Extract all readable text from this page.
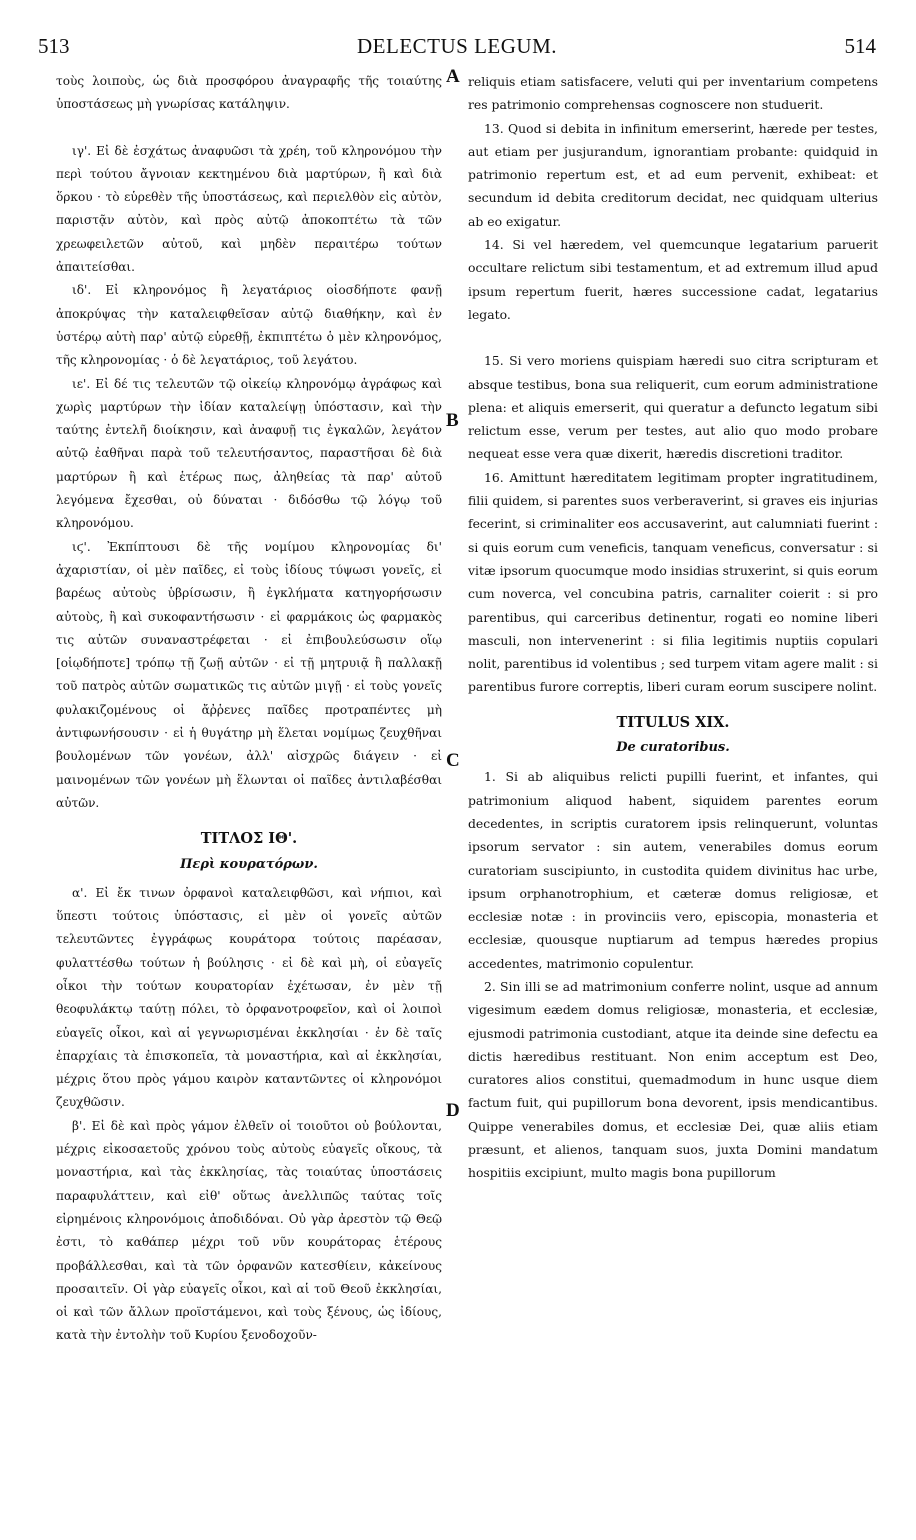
513	DELECTUS LEGUM.	514
A
B
C
D

τοὺς λοιποὺς, ὡς διὰ προσφόρου ἀναγραφῆς τῆς τοιαύτης ὑποστάσεως μὴ γνωρίσας κατάληψιν.

ιγ'. Εἰ δὲ ἐσχάτως ἀναφυῶσι τὰ χρέη, τοῦ κληρονόμου τὴν περὶ τούτου ἄγνοιαν κεκτημένου διὰ μαρτύρων, ἢ καὶ διὰ ὅρκου · τὸ εὑρεθὲν τῆς ὑποστάσεως, καὶ περιελθὸν εἰς αὐτὸν, παριστᾷν αὐτὸν, καὶ πρὸς αὐτῷ ἀποκοπτέτω τὰ τῶν χρεωφειλετῶν αὐτοῦ, καὶ μηδὲν περαιτέρω τούτων ἀπαιτείσθαι.

ιδ'. Εἰ κληρονόμος ἢ λεγατάριος οἱοσδήποτε φανῇ ἀποκρύψας τὴν καταλειφθεῖσαν αὐτῷ διαθήκην, καὶ ἐν ὑστέρῳ αὐτὴ παρ' αὐτῷ εὑρεθῇ, ἐκπιπτέτω ὁ μὲν κληρονόμος, τῆς κληρονομίας · ὁ δὲ λεγατάριος, τοῦ λεγάτου.

ιε'. Εἰ δέ τις τελευτῶν τῷ οἰκείῳ κληρονόμῳ ἀγράφως καὶ χωρὶς μαρτύρων τὴν ἰδίαν καταλείψῃ ὑπόστασιν, καὶ τὴν ταύτης ἐντελῆ διοίκησιν, καὶ ἀναφυῇ τις ἐγκαλῶν, λεγάτον αὐτῷ ἐαθῆναι παρὰ τοῦ τελευτήσαντος, παραστῆσαι δὲ διὰ μαρτύρων ἢ καὶ ἑτέρως πως, ἀληθείας τὰ παρ' αὐτοῦ λεγόμενα ἔχεσθαι, οὐ δύναται · διδόσθω τῷ λόγῳ τοῦ κληρονόμου.

ιϛ'. Ἐκπίπτουσι δὲ τῆς νομίμου κληρονομίας δι' ἀχαριστίαν, οἱ μὲν παῖδες, εἰ τοὺς ἰδίους τύψωσι γονεῖς, εἰ βαρέως αὐτοὺς ὑβρίσωσιν, ἢ ἐγκλήματα κατηγορήσωσιν αὐτοὺς, ἢ καὶ συκοφαντήσωσιν · εἰ φαρμάκοις ὡς φαρμακὸς τις αὐτῶν συναναστρέφεται · εἰ ἐπιβουλεύσωσιν οἵῳ [οἱῳδήποτε] τρόπῳ τῇ ζωῇ αὐτῶν · εἰ τῇ μητρυιᾷ ἢ παλλακῇ τοῦ πατρὸς αὐτῶν σωματικῶς τις αὐτῶν μιγῇ · εἰ τοὺς γονεῖς φυλακιζομένους οἱ ἄῤῥενες παῖδες προτραπέντες μὴ ἀντιφωνήσουσιν · εἰ ἡ θυγάτηρ μὴ ἕλεται νομίμως ζευχθῆναι βουλομένων τῶν γονέων, ἀλλ' αἰσχρῶς διάγειν · εἰ μαινομένων τῶν γονέων μὴ ἕλωνται οἱ παῖδες ἀντιλαβέσθαι αὐτῶν.

ΤΙΤΛΟΣ ΙΘ'.
Περὶ κουρατόρων.

α'. Εἰ ἔκ τινων ὀρφανοὶ καταλειφθῶσι, καὶ νήπιοι, καὶ ὕπεστι τούτοις ὑπόστασις, εἰ μὲν οἱ γονεῖς αὐτῶν τελευτῶντες ἐγγράφως κουράτορα τούτοις παρέασαν, φυλαττέσθω τούτων ἡ βούλησις · εἰ δὲ καὶ μὴ, οἱ εὐαγεῖς οἶκοι τὴν τούτων κουρατορίαν ἐχέτωσαν, ἐν μὲν τῇ θεοφυλάκτῳ ταύτῃ πόλει, τὸ ὀρφανοτροφεῖον, καὶ οἱ λοιποὶ εὐαγεῖς οἶκοι, καὶ αἱ γεγνωρισμέναι ἐκκλησίαι · ἐν δὲ ταῖς ἐπαρχίαις τὰ ἐπισκοπεῖα, τὰ μοναστήρια, καὶ αἱ ἐκκλησίαι, μέχρις ὅτου πρὸς γάμου καιρὸν καταντῶντες οἱ κληρονόμοι ζευχθῶσιν.

β'. Εἰ δὲ καὶ πρὸς γάμον ἐλθεῖν οἱ τοιοῦτοι οὐ βούλονται, μέχρις εἰκοσαετοῦς χρόνου τοὺς αὐτοὺς εὐαγεῖς οἴκους, τὰ μοναστήρια, καὶ τὰς ἐκκλησίας, τὰς τοιαύτας ὑποστάσεις παραφυλάττειν, καὶ εἰθ' οὕτως ἀνελλιπῶς ταύτας τοῖς εἰρημένοις κληρονόμοις ἀποδιδόναι. Οὐ γὰρ ἀρεστὸν τῷ Θεῷ ἐστι, τὸ καθάπερ μέχρι τοῦ νῦν κουράτορας ἑτέρους προβάλλεσθαι, καὶ τὰ τῶν ὀρφανῶν κατεσθίειν, κἀκείνους προσαιτεῖν. Οἱ γὰρ εὐαγεῖς οἶκοι, καὶ αἱ τοῦ Θεοῦ ἐκκλησίαι, οἱ καὶ τῶν ἄλλων προϊστάμενοι, καὶ τοὺς ξένους, ὡς ἰδίους, κατὰ τὴν ἐντολὴν τοῦ Κυρίου ξενοδοχοῦν-

reliquis etiam satisfacere, veluti qui per inventarium competens res patrimonio comprehensas cognoscere non studuerit.

13. Quod si debita in infinitum emerserint, hærede per testes, aut etiam per jusjurandum, ignorantiam probante: quidquid in patrimonio repertum est, et ad eum pervenit, exhibeat: et secundum id debita creditorum decidat, nec quidquam ulterius ab eo exigatur.

14. Si vel hæredem, vel quemcunque legatarium paruerit occultare relictum sibi testamentum, et ad extremum illud apud ipsum repertum fuerit, hæres successione cadat, legatarius legato.

15. Si vero moriens quispiam hæredi suo citra scripturam et absque testibus, bona sua reliquerit, cum eorum administratione plena: et aliquis emerserit, qui queratur a defuncto legatum sibi relictum esse, verum per testes, aut alio quo modo probare nequeat esse vera quæ dixerit, hæredis discretioni traditor.

16. Amittunt hæreditatem legitimam propter ingratitudinem, filii quidem, si parentes suos verberaverint, si graves eis injurias fecerint, si criminaliter eos accusaverint, aut calumniati fuerint : si quis eorum cum veneficis, tanquam veneficus, conversatur : si vitæ ipsorum quocumque modo insidias struxerint, si quis eorum cum noverca, vel concubina patris, carnaliter coierit : si pro parentibus, qui carceribus detinentur, rogati eo nomine liberi masculi, non intervenerint : si filia legitimis nuptiis copulari nolit, parentibus id volentibus ; sed turpem vitam agere malit : si parentibus furore correptis, liberi curam eorum suscipere nolint.

TITULUS XIX.
De curatoribus.

1. Si ab aliquibus relicti pupilli fuerint, et infantes, qui patrimonium aliquod habent, siquidem parentes eorum decedentes, in scriptis curatorem ipsis relinquerunt, voluntas ipsorum servator : sin autem, venerabiles domus eorum curatoriam suscipiunto, in custodita quidem divinitus hac urbe, ipsum orphanotrophium, et cæteræ domus religiosæ, et ecclesiæ notæ : in provinciis vero, episcopia, monasteria et ecclesiæ, quousque nuptiarum ad tempus hæredes propius accedentes, matrimonio copulentur.

2. Sin illi se ad matrimonium conferre nolint, usque ad annum vigesimum eædem domus religiosæ, monasteria, et ecclesiæ, ejusmodi patrimonia custodiant, atque ita deinde sine defectu ea dictis hæredibus restituant. Non enim acceptum est Deo, curatores alios constitui, quemadmodum in hunc usque diem factum fuit, qui pupillorum bona devorent, ipsis mendicantibus. Quippe venerabiles domus, et ecclesiæ Dei, quæ aliis etiam præsunt, et alienos, tanquam suos, juxta Domini mandatum hospitiis excipiunt, multo magis bona pupillorum
